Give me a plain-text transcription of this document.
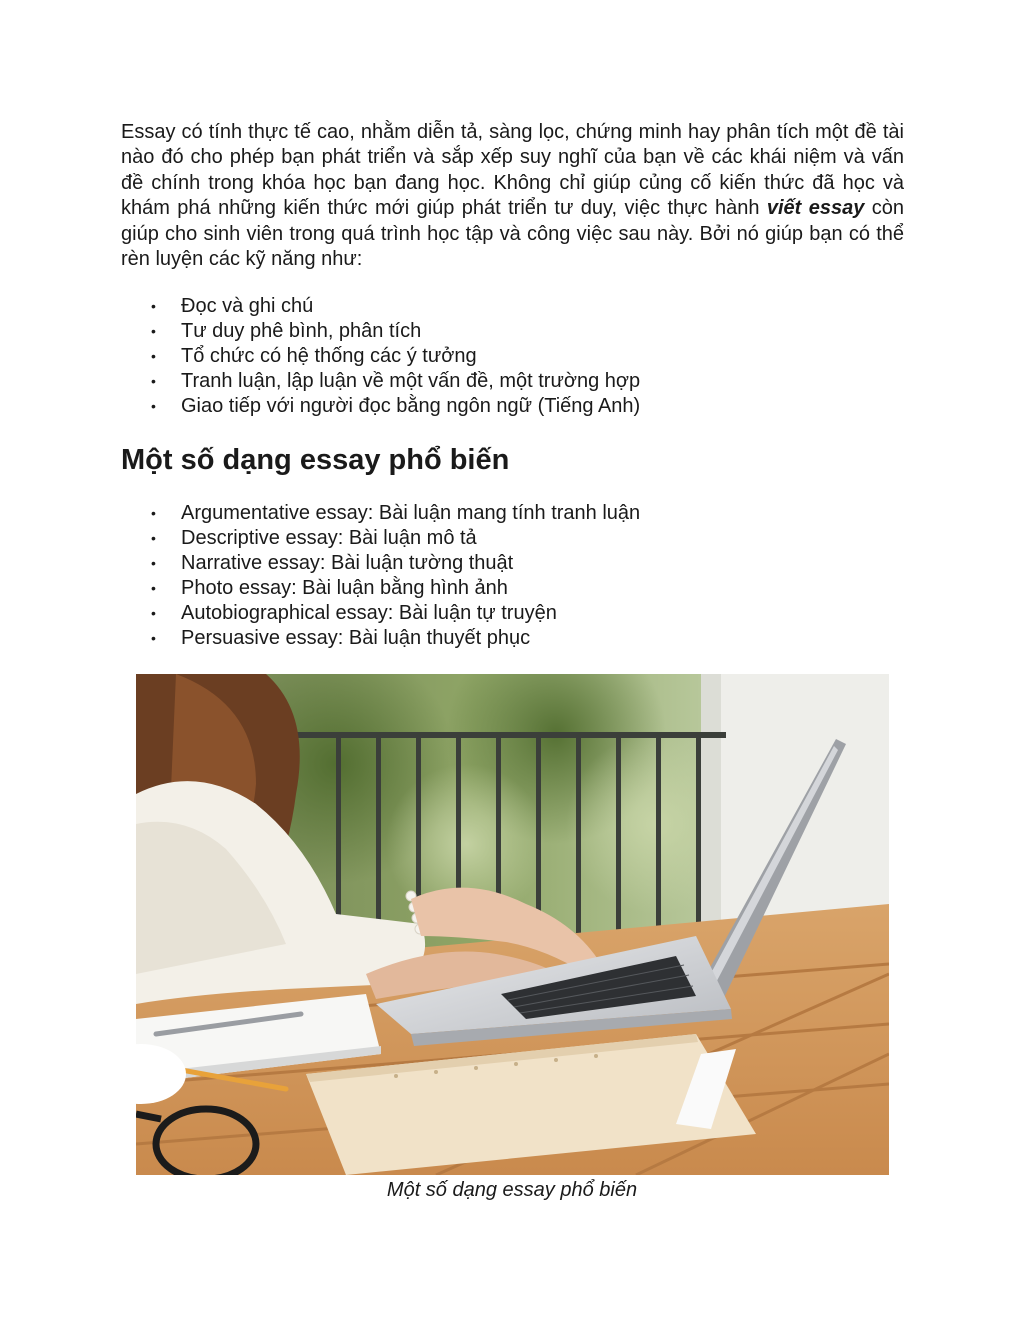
Essay có tính thực tế cao, nhằm diễn tả, sàng lọc, chứng minh hay phân tích một đề tài nào đó cho phép bạn phát triển và sắp xếp suy nghĩ của bạn về các khái niệm và vấn đề chính trong khóa học bạn đang học. Không chỉ giúp củng cố kiến thức đã học và khám phá những kiến thức mới giúp phát triển tư duy, việc thực hành viết essay còn giúp cho sinh viên trong quá trình học tập và công việc sau này. Bởi nó giúp bạn có thể rèn luyện các kỹ năng như:

• Đọc và ghi chú
• Tư duy phê bình, phân tích
• Tổ chức có hệ thống các ý tưởng
• Tranh luận, lập luận về một vấn đề, một trường hợp
• Giao tiếp với người đọc bằng ngôn ngữ (Tiếng Anh)
Một số dạng essay phổ biến
• Argumentative essay: Bài luận mang tính tranh luận
• Descriptive essay: Bài luận mô tả
• Narrative essay: Bài luận tường thuật
• Photo essay: Bài luận bằng hình ảnh
• Autobiographical essay: Bài luận tự truyện
• Persuasive essay: Bài luận thuyết phục

Một số dạng essay phổ biến
